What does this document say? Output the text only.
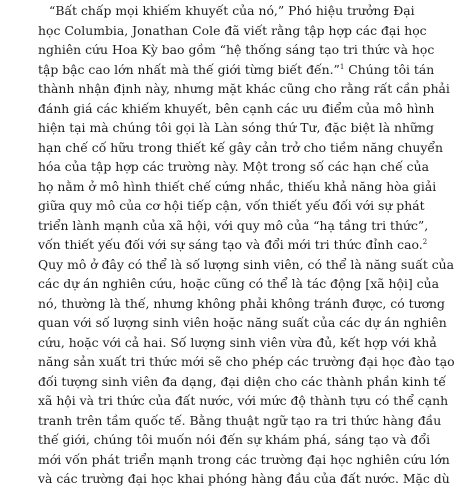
“Bất chấp mọi khiếm khuyết của nó,” Phó hiệu trưởng Đại
học Columbia, Jonathan Cole đã viết rằng tập hợp các đại học
nghiên cứu Hoa Kỳ bao gồm “hệ thống sáng tạo tri thức và học
tập bậc cao lớn nhất mà thế giới từng biết đến.”$^1$ Chúng tôi tán
thành nhận định này, nhưng mặt khác cũng cho rằng rất cần phải
đánh giá các khiếm khuyết, bên cạnh các ưu điểm của mô hình
hiện tại mà chúng tôi gọi là Làn sóng thứ Tư, đặc biệt là những
hạn chế cố hữu trong thiết kế gây cản trở cho tiềm năng chuyển
hóa của tập hợp các trường này. Một trong số các hạn chế của
họ nằm ở mô hình thiết chế cứng nhắc, thiếu khả năng hòa giải
giữa quy mô của cơ hội tiếp cận, vốn thiết yếu đối với sự phát
triển lành mạnh của xã hội, với quy mô của “hạ tầng tri thức”,
vốn thiết yếu đối với sự sáng tạo và đổi mới tri thức đỉnh cao.$^2$
Quy mô ở đây có thể là số lượng sinh viên, có thể là năng suất của
các dự án nghiên cứu, hoặc cũng có thể là tác động [xã hội] của
nó, thường là thế, nhưng không phải không tránh được, có tương
quan với số lượng sinh viên hoặc năng suất của các dự án nghiên
cứu, hoặc với cả hai. Số lượng sinh viên vừa đủ, kết hợp với khả
năng sản xuất tri thức mới sẽ cho phép các trường đại học đào tạo
đối tượng sinh viên đa dạng, đại diện cho các thành phần kinh tế
xã hội và tri thức của đất nước, với mức độ thành tựu có thể cạnh
tranh trên tầm quốc tế. Bằng thuật ngữ tạo ra tri thức hàng đầu
thế giới, chúng tôi muốn nói đến sự khám phá, sáng tạo và đổi
mới vốn phát triển mạnh trong các trường đại học nghiên cứu lớn
và các trường đại học khai phóng hàng đầu của đất nước. Mặc dù
